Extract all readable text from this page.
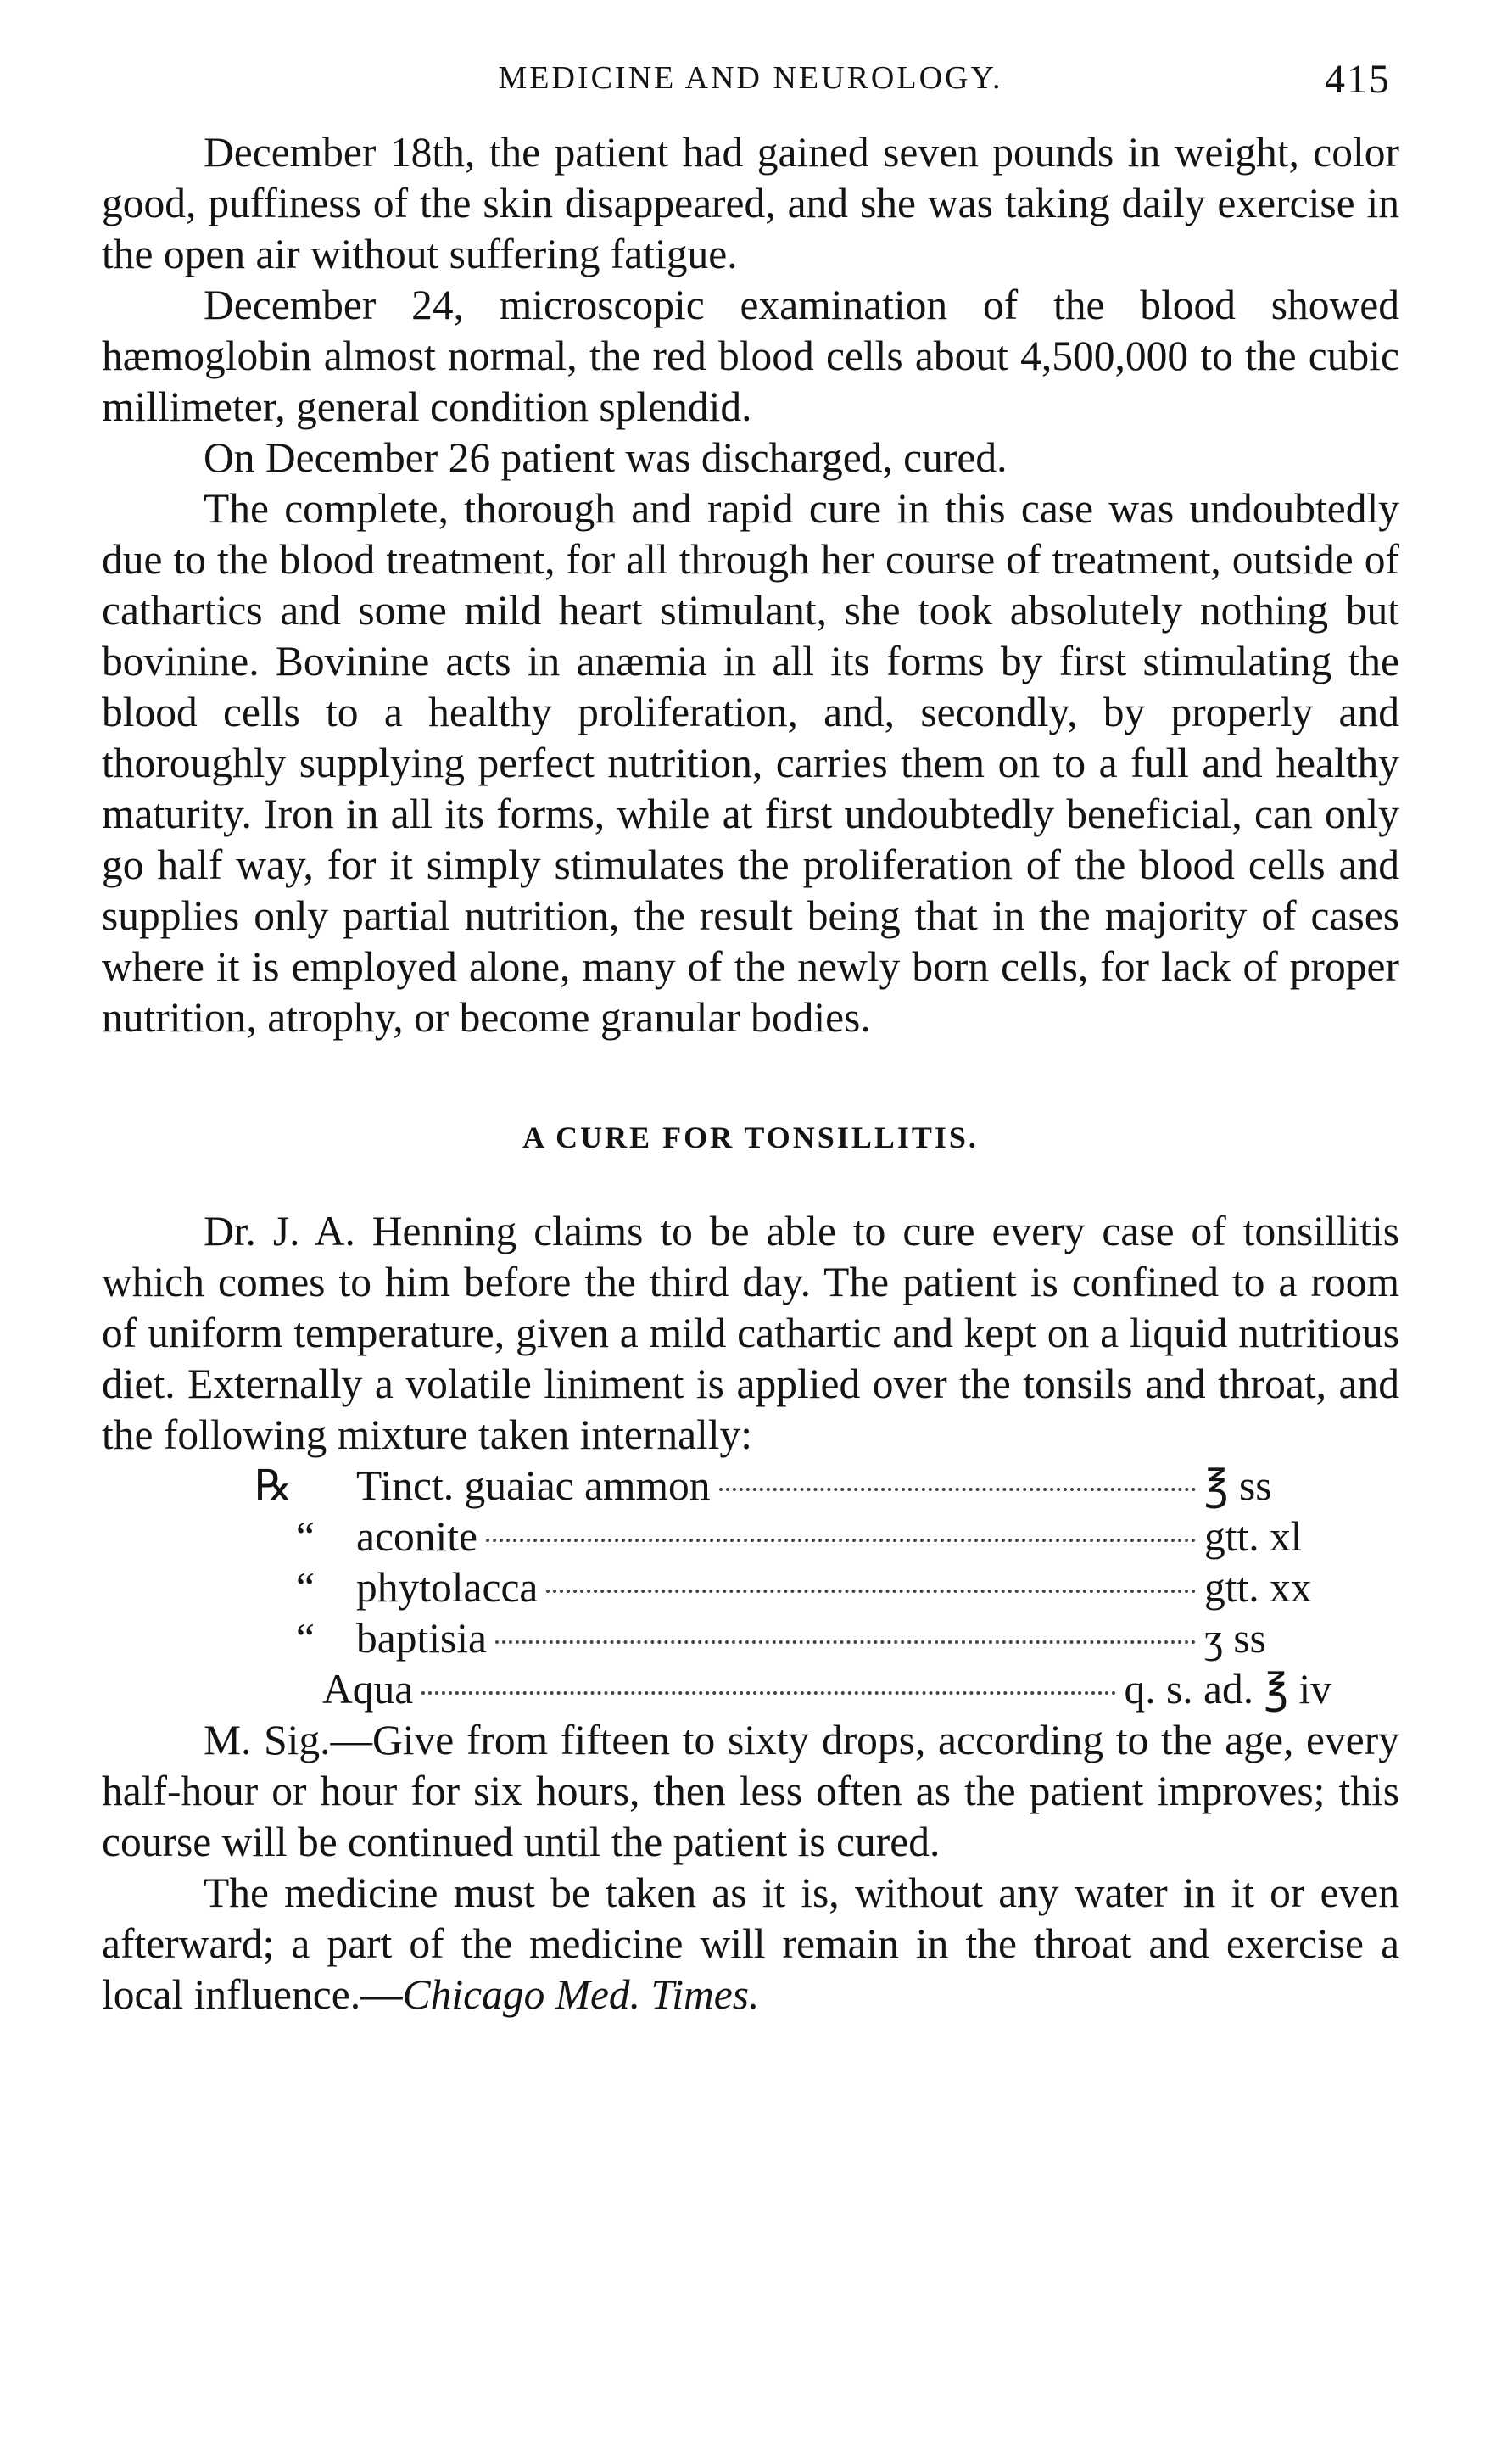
MEDICINE AND NEUROLOGY.	415

December 18th, the patient had gained seven pounds in weight, color good, puffiness of the skin disappeared, and she was taking daily exercise in the open air without suffering fatigue.

December 24, microscopic examination of the blood showed hæmoglobin almost normal, the red blood cells about 4,500,000 to the cubic millimeter, general condition splendid.

On December 26 patient was discharged, cured.

The complete, thorough and rapid cure in this case was undoubtedly due to the blood treatment, for all through her course of treatment, outside of cathartics and some mild heart stimulant, she took absolutely nothing but bovinine. Bovinine acts in anæmia in all its forms by first stimulating the blood cells to a healthy proliferation, and, secondly, by properly and thoroughly supplying perfect nutrition, carries them on to a full and healthy maturity. Iron in all its forms, while at first undoubtedly beneficial, can only go half way, for it simply stimulates the proliferation of the blood cells and supplies only partial nutrition, the result being that in the majority of cases where it is employed alone, many of the newly born cells, for lack of proper nutrition, atrophy, or become granular bodies.

A CURE FOR TONSILLITIS.

Dr. J. A. Henning claims to be able to cure every case of tonsillitis which comes to him before the third day. The patient is confined to a room of uniform temperature, given a mild cathartic and kept on a liquid nutritious diet. Externally a volatile liniment is applied over the tonsils and throat, and the following mixture taken internally:

℞	Tinct. guaiac ammon	℥ ss
“ aconite	gtt. xl
“ phytolacca	gtt. xx
“ baptisia	ʒ ss
Aqua	q. s. ad. ℥ iv

M. Sig.—Give from fifteen to sixty drops, according to the age, every half-hour or hour for six hours, then less often as the patient improves; this course will be continued until the patient is cured.

The medicine must be taken as it is, without any water in it or even afterward; a part of the medicine will remain in the throat and exercise a local influence.—Chicago Med. Times.
